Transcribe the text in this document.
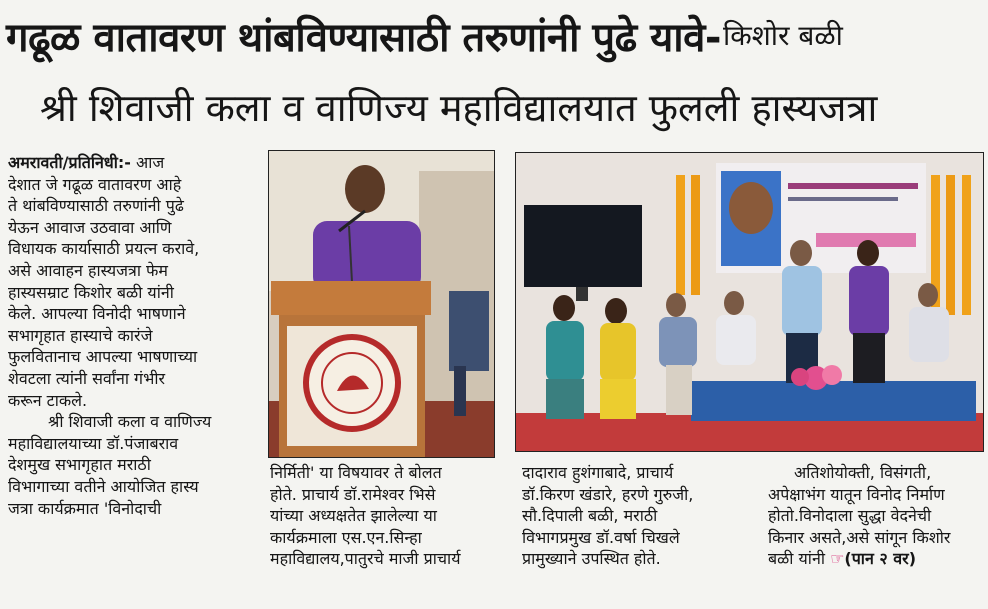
गढूळ वातावरण थांबविण्यासाठी तरुणांनी पुढे यावे- किशोर बळी
श्री शिवाजी कला व वाणिज्य महाविद्यालयात फुलली हास्यजत्रा
अमरावती/प्रतिनिधी:- आज
देशात जे गढूळ वातावरण आहे
ते थांबविण्यासाठी तरुणांनी पुढे
येऊन आवाज उठवावा आणि
विधायक कार्यासाठी प्रयत्न करावे,
असे आवाहन हास्यजत्रा फेम
हास्यसम्राट किशोर बळी यांनी
केले. आपल्या विनोदी भाषणाने
सभागृहात हास्याचे कारंजे
फुलवितानाच आपल्या भाषणाच्या
शेवटला त्यांनी सर्वांना गंभीर
करून टाकले.
श्री शिवाजी कला व वाणिज्य
महाविद्यालयाच्या डॉ.पंजाबराव
देशमुख सभागृहात मराठी
विभागाच्या वतीने आयोजित हास्य
जत्रा कार्यक्रमात 'विनोदाची
निर्मिती' या विषयावर ते बोलत
होते. प्राचार्य डॉ.रामेश्वर भिसे
यांच्या अध्यक्षतेत झालेल्या या
कार्यक्रमाला एस.एन.सिन्हा
महाविद्यालय,पातुरचे माजी प्राचार्य
दादाराव हुशंगाबादे, प्राचार्य
डॉ.किरण खंडारे, हरणे गुरुजी,
सौ.दिपाली बळी, मराठी
विभागप्रमुख डॉ.वर्षा चिखले
प्रामुख्याने उपस्थित होते.
अतिशोयोक्ती, विसंगती,
अपेक्षाभंग यातून विनोद निर्माण
होतो.विनोदाला सुद्धा वेदनेची
किनार असते,असे सांगून किशोर
बळी यांनी ☞(पान २ वर)
